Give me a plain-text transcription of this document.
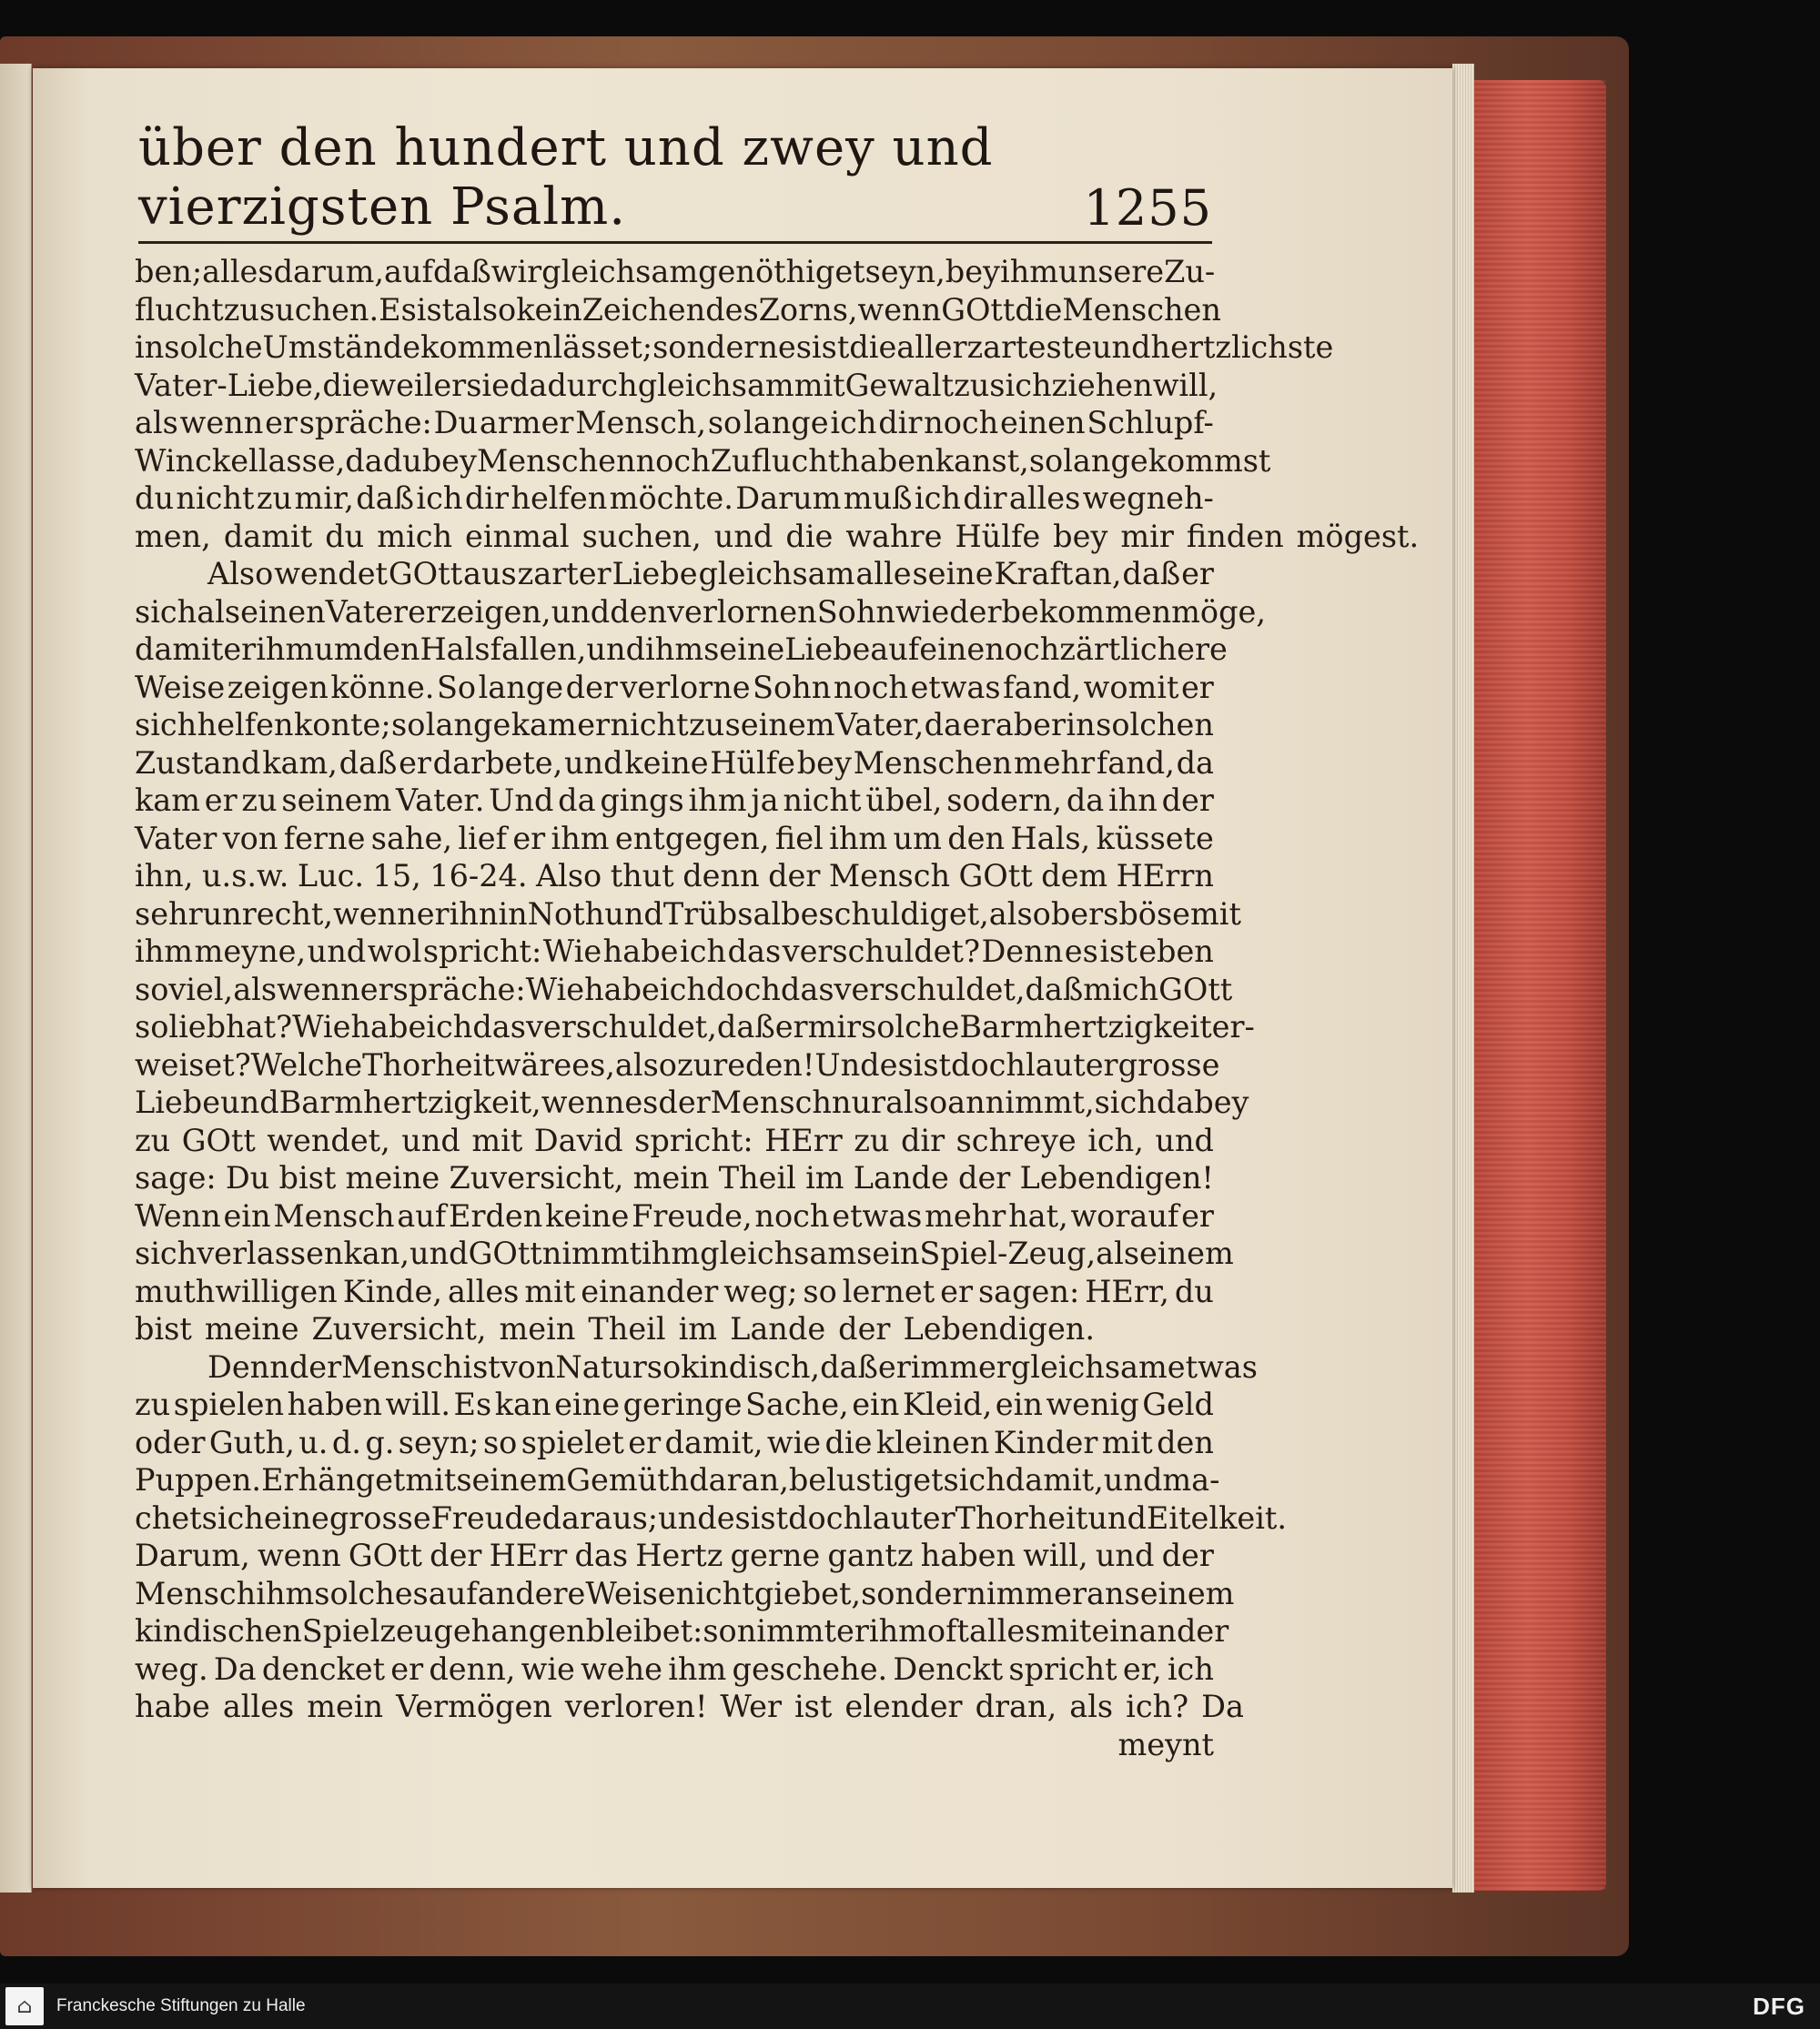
über den hundert und zwey und vierzigsten Psalm.	1255
ben; alles darum, auf daß wir gleichsam genöthiget seyn, bey ihm unsere Zu-
flucht zu suchen. Es ist also kein Zeichen des Zorns, wenn GOtt die Menschen
in solche Umstände kommen lässet; sondern es ist die allerzarteste und hertzlichste
Vater-Liebe, dieweil er sie dadurch gleichsam mit Gewalt zu sich ziehen will,
als wenn er spräche: Du armer Mensch, so lange ich dir noch einen Schlupf-
Winckel lasse, da du bey Menschen noch Zuflucht haben kanst, so lange kommst
du nicht zu mir, daß ich dir helfen möchte. Darum muß ich dir alles wegneh-
men, damit du mich einmal suchen, und die wahre Hülfe bey mir finden mögest.
Also wendet GOtt aus zarter Liebe gleichsam alle seine Kraft an, daß er
sich als einen Vater erzeigen, und den verlornen Sohn wieder bekommen möge,
damit er ihm um den Hals fallen, und ihm seine Liebe auf eine noch zärtlichere
Weise zeigen könne. So lange der verlorne Sohn noch etwas fand, womit er
sich helfen konte; so lange kam er nicht zu seinem Vater, da er aber in solchen
Zustand kam, daß er darbete, und keine Hülfe bey Menschen mehr fand, da
kam er zu seinem Vater. Und da gings ihm ja nicht übel, sodern, da ihn der
Vater von ferne sahe, lief er ihm entgegen, fiel ihm um den Hals, küssete
ihn, u.s.w. Luc. 15, 16-24. Also thut denn der Mensch GOtt dem HErrn
sehr unrecht, wenn er ihn in Noth und Trübsal beschuldiget, als ob ers böse mit
ihm meyne, und wol spricht: Wie habe ich das verschuldet? Denn es ist eben
so viel, als wenn er spräche: Wie habe ich doch das verschuldet, daß mich GOtt
so lieb hat? Wie habe ich das verschuldet, daß er mir solche Barmhertzigkeit er-
weiset? Welche Thorheit wäre es, also zu reden! Und es ist doch lauter grosse
Liebe und Barmhertzigkeit, wenn es der Mensch nur also annimmt, sich dabey
zu GOtt wendet, und mit David spricht: HErr zu dir schreye ich, und
sage: Du bist meine Zuversicht, mein Theil im Lande der Lebendigen!
Wenn ein Mensch auf Erden keine Freude, noch etwas mehr hat, worauf er
sich verlassen kan, und GOtt nimmt ihm gleichsam sein Spiel-Zeug, als einem
muthwilligen Kinde, alles mit einander weg; so lernet er sagen: HErr, du
bist meine Zuversicht, mein Theil im Lande der Lebendigen.
Denn der Mensch ist von Natur so kindisch, daß er immer gleichsam etwas
zu spielen haben will. Es kan eine geringe Sache, ein Kleid, ein wenig Geld
oder Guth, u. d. g. seyn; so spielet er damit, wie die kleinen Kinder mit den
Puppen. Er hänget mit seinem Gemüth daran, belustiget sich damit, und ma-
chet sich eine grosse Freude daraus; und es ist doch lauter Thorheit und Eitelkeit.
Darum, wenn GOtt der HErr das Hertz gerne gantz haben will, und der
Mensch ihm solches auf andere Weise nicht giebet, sondern immer an seinem
kindischen Spielzeuge hangen bleibet: so nimmt er ihm oft alles mit einander
weg. Da dencket er denn, wie wehe ihm geschehe. Denckt spricht er, ich
habe alles mein Vermögen verloren! Wer ist elender dran, als ich? Da
meynt
⌂	Franckesche Stiftungen zu Halle	DFG
